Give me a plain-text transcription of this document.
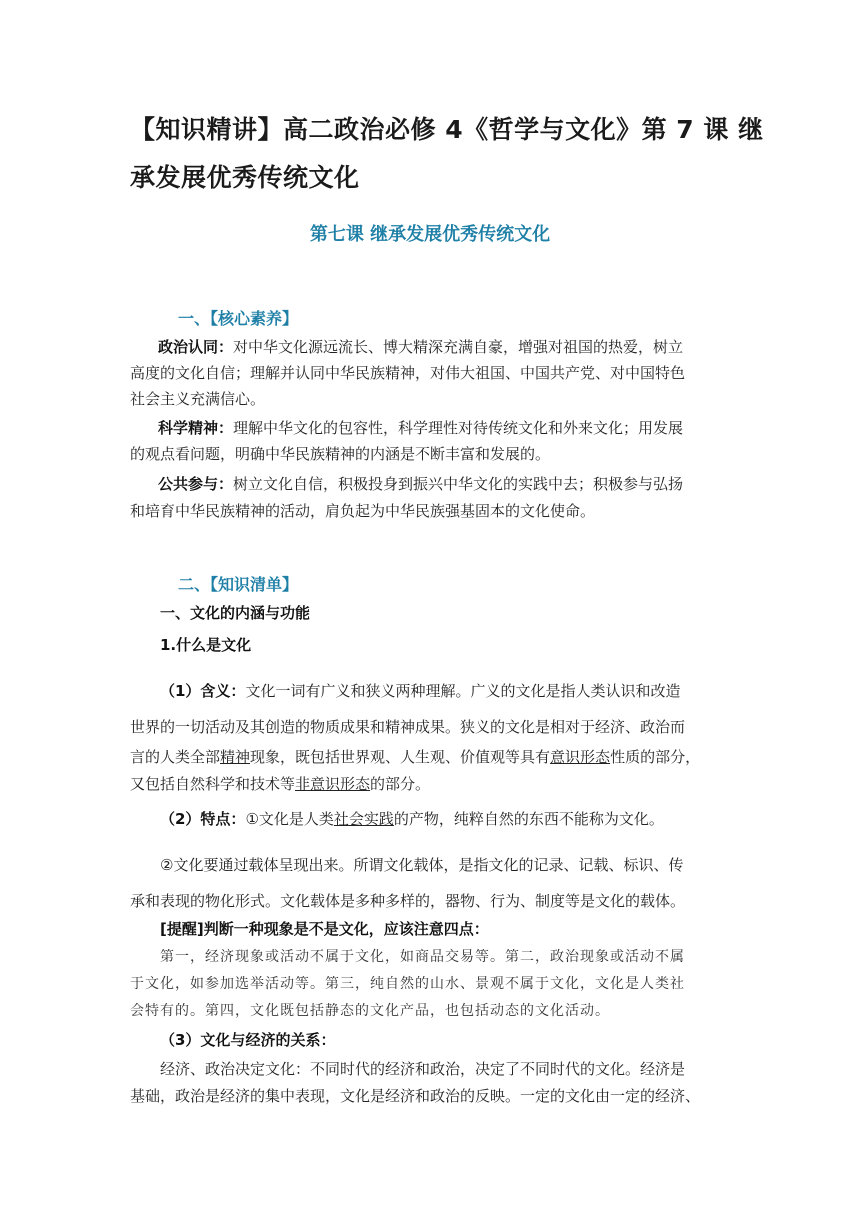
【知识精讲】高二政治必修 4《哲学与文化》第 7 课 继
承发展优秀传统文化
第七课 继承发展优秀传统文化
一、【核心素养】
政治认同：对中华文化源远流长、博大精深充满自豪，增强对祖国的热爱，树立
高度的文化自信；理解并认同中华民族精神，对伟大祖国、中国共产党、对中国特色
社会主义充满信心。
科学精神：理解中华文化的包容性，科学理性对待传统文化和外来文化；用发展
的观点看问题，明确中华民族精神的内涵是不断丰富和发展的。
公共参与：树立文化自信，积极投身到振兴中华文化的实践中去；积极参与弘扬
和培育中华民族精神的活动，肩负起为中华民族强基固本的文化使命。
二、【知识清单】
一、文化的内涵与功能
1.什么是文化
（1）含义：文化一词有广义和狭义两种理解。广义的文化是指人类认识和改造
世界的一切活动及其创造的物质成果和精神成果。狭义的文化是相对于经济、政治而
言的人类全部精神现象，既包括世界观、人生观、价值观等具有意识形态性质的部分，
又包括自然科学和技术等非意识形态的部分。
（2）特点：①文化是人类社会实践的产物，纯粹自然的东西不能称为文化。
②文化要通过载体呈现出来。所谓文化载体，是指文化的记录、记载、标识、传
承和表现的物化形式。文化载体是多种多样的，器物、行为、制度等是文化的载体。
[提醒]判断一种现象是不是文化，应该注意四点：
第一，经济现象或活动不属于文化，如商品交易等。第二，政治现象或活动不属
于文化，如参加选举活动等。第三，纯自然的山水、景观不属于文化，文化是人类社
会特有的。第四，文化既包括静态的文化产品，也包括动态的文化活动。
（3）文化与经济的关系：
经济、政治决定文化：不同时代的经济和政治，决定了不同时代的文化。经济是
基础，政治是经济的集中表现，文化是经济和政治的反映。一定的文化由一定的经济、
